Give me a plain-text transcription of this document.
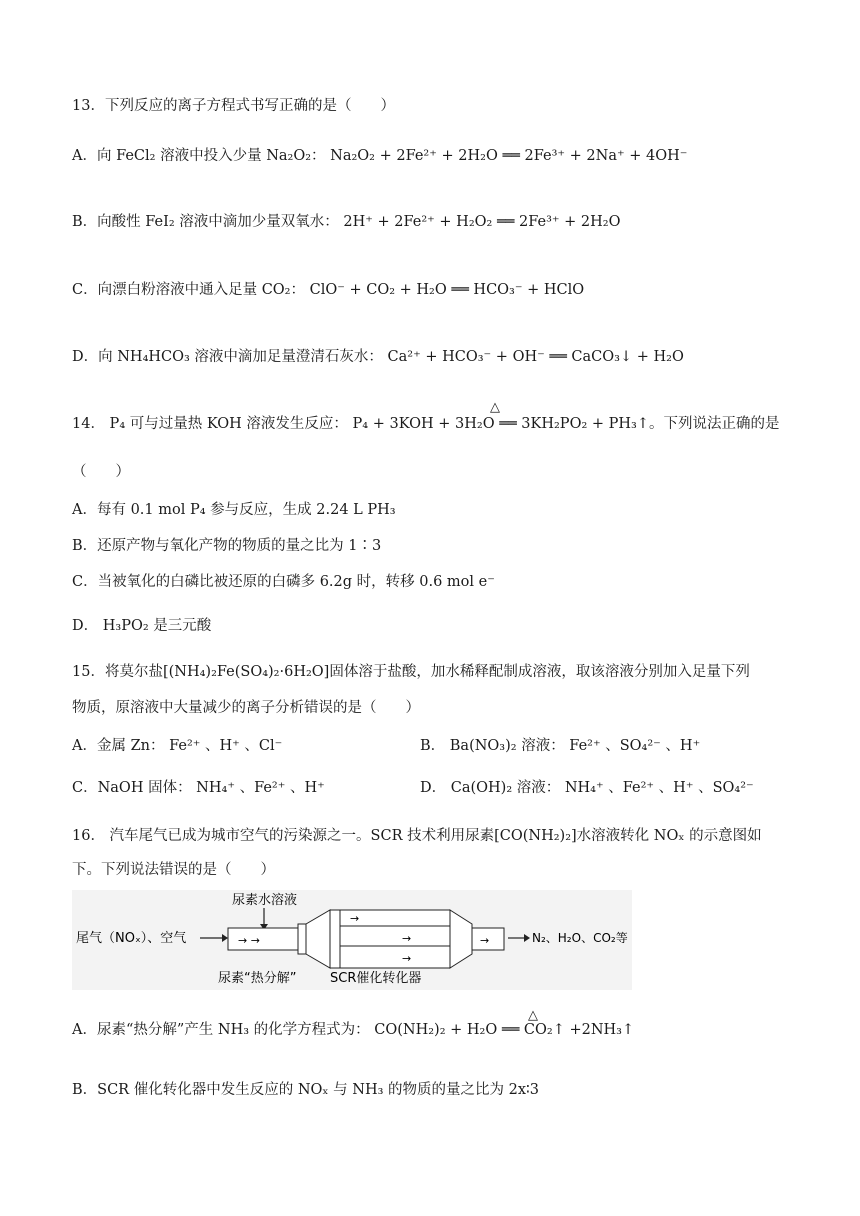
13．下列反应的离子方程式书写正确的是（　　）
A．向 FeCl₂ 溶液中投入少量 Na₂O₂： Na₂O₂ + 2Fe²⁺ + 2H₂O ══ 2Fe³⁺ + 2Na⁺ + 4OH⁻
B．向酸性 FeI₂ 溶液中滴加少量双氧水： 2H⁺ + 2Fe²⁺ + H₂O₂ ══ 2Fe³⁺ + 2H₂O
C．向漂白粉溶液中通入足量 CO₂： ClO⁻ + CO₂ + H₂O ══ HCO₃⁻ + HClO
D．向 NH₄HCO₃ 溶液中滴加足量澄清石灰水： Ca²⁺ + HCO₃⁻ + OH⁻ ══ CaCO₃↓ + H₂O
△
14． P₄ 可与过量热 KOH 溶液发生反应： P₄ + 3KOH + 3H₂O ══ 3KH₂PO₂ + PH₃↑。下列说法正确的是
（　　）
A．每有 0.1 mol P₄ 参与反应，生成 2.24 L PH₃
B．还原产物与氧化产物的物质的量之比为 1∶3
C．当被氧化的白磷比被还原的白磷多 6.2g 时，转移 0.6 mol e⁻
D． H₃PO₂ 是三元酸
15．将莫尔盐[(NH₄)₂Fe(SO₄)₂·6H₂O]固体溶于盐酸，加水稀释配制成溶液，取该溶液分别加入足量下列
物质，原溶液中大量减少的离子分析错误的是（　　）
A．金属 Zn： Fe²⁺ 、H⁺ 、Cl⁻	B． Ba(NO₃)₂ 溶液： Fe²⁺ 、SO₄²⁻ 、H⁺
C．NaOH 固体： NH₄⁺ 、Fe²⁺ 、H⁺	D． Ca(OH)₂ 溶液： NH₄⁺ 、Fe²⁺ 、H⁺ 、SO₄²⁻
16． 汽车尾气已成为城市空气的污染源之一。SCR 技术利用尿素[CO(NH₂)₂]水溶液转化 NOₓ 的示意图如
下。下列说法错误的是（　　）
尾气（NOₓ）、空气
尿素水溶液
→ →
→
→
→
→	N₂、H₂O、CO₂等
尿素“热分解”	SCR催化转化器
△
A．尿素“热分解”产生 NH₃ 的化学方程式为： CO(NH₂)₂ + H₂O ══ CO₂↑ +2NH₃↑
B．SCR 催化转化器中发生反应的 NOₓ 与 NH₃ 的物质的量之比为 2x∶3
